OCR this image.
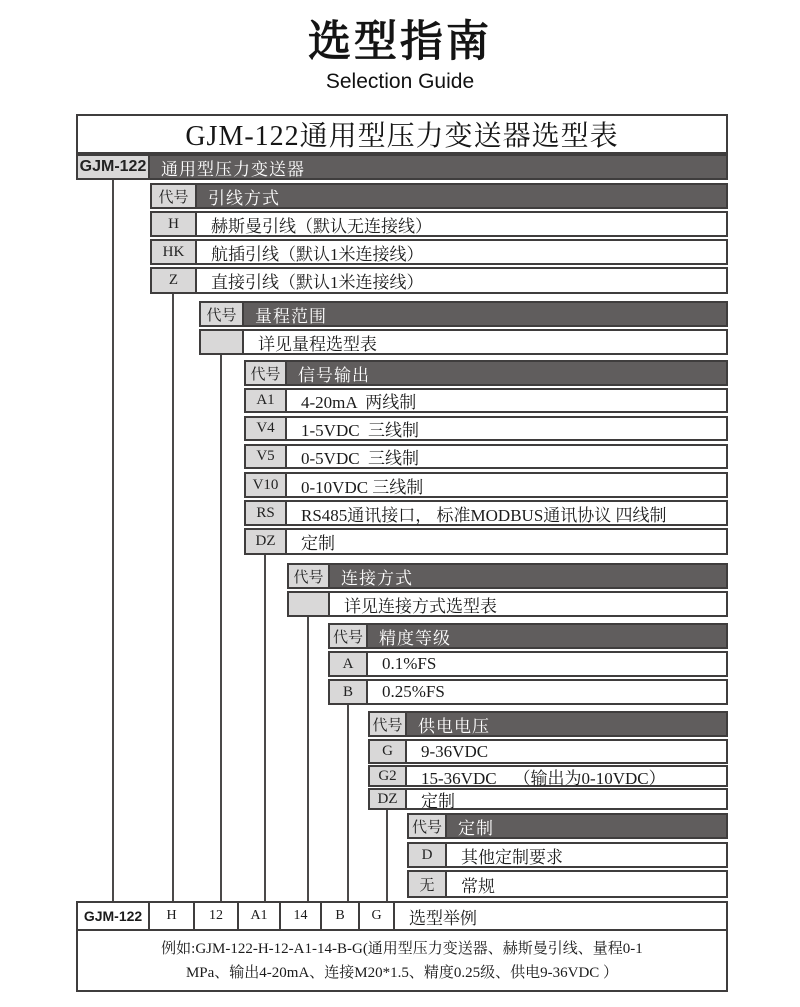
选型指南
Selection Guide
GJM-122通用型压力变送器选型表
GJM-122 通用型压力变送器
代号	引线方式
H	赫斯曼引线（默认无连接线）
HK	航插引线（默认1米连接线）
Z	直接引线（默认1米连接线）
代号	量程范围
详见量程选型表
代号	信号输出
A1	4-20mA  两线制
V4	1-5VDC  三线制
V5	0-5VDC  三线制
V10	0-10VDC 三线制
RS	RS485通讯接口， 标准MODBUS通讯协议 四线制
DZ	定制
代号	连接方式
详见连接方式选型表
代号 精度等级
A	0.1%FS
B	0.25%FS
代号 供电电压
G	9-36VDC
G2	15-36VDC    （输出为0-10VDC）
DZ	定制
代号 定制
D	其他定制要求
无	常规
GJM-122	H	12	A1	14	B	G	选型举例
例如:GJM-122-H-12-A1-14-B-G(通用型压力变送器、赫斯曼引线、量程0-1
MPa、输出4-20mA、连接M20*1.5、精度0.25级、供电9-36VDC ）
